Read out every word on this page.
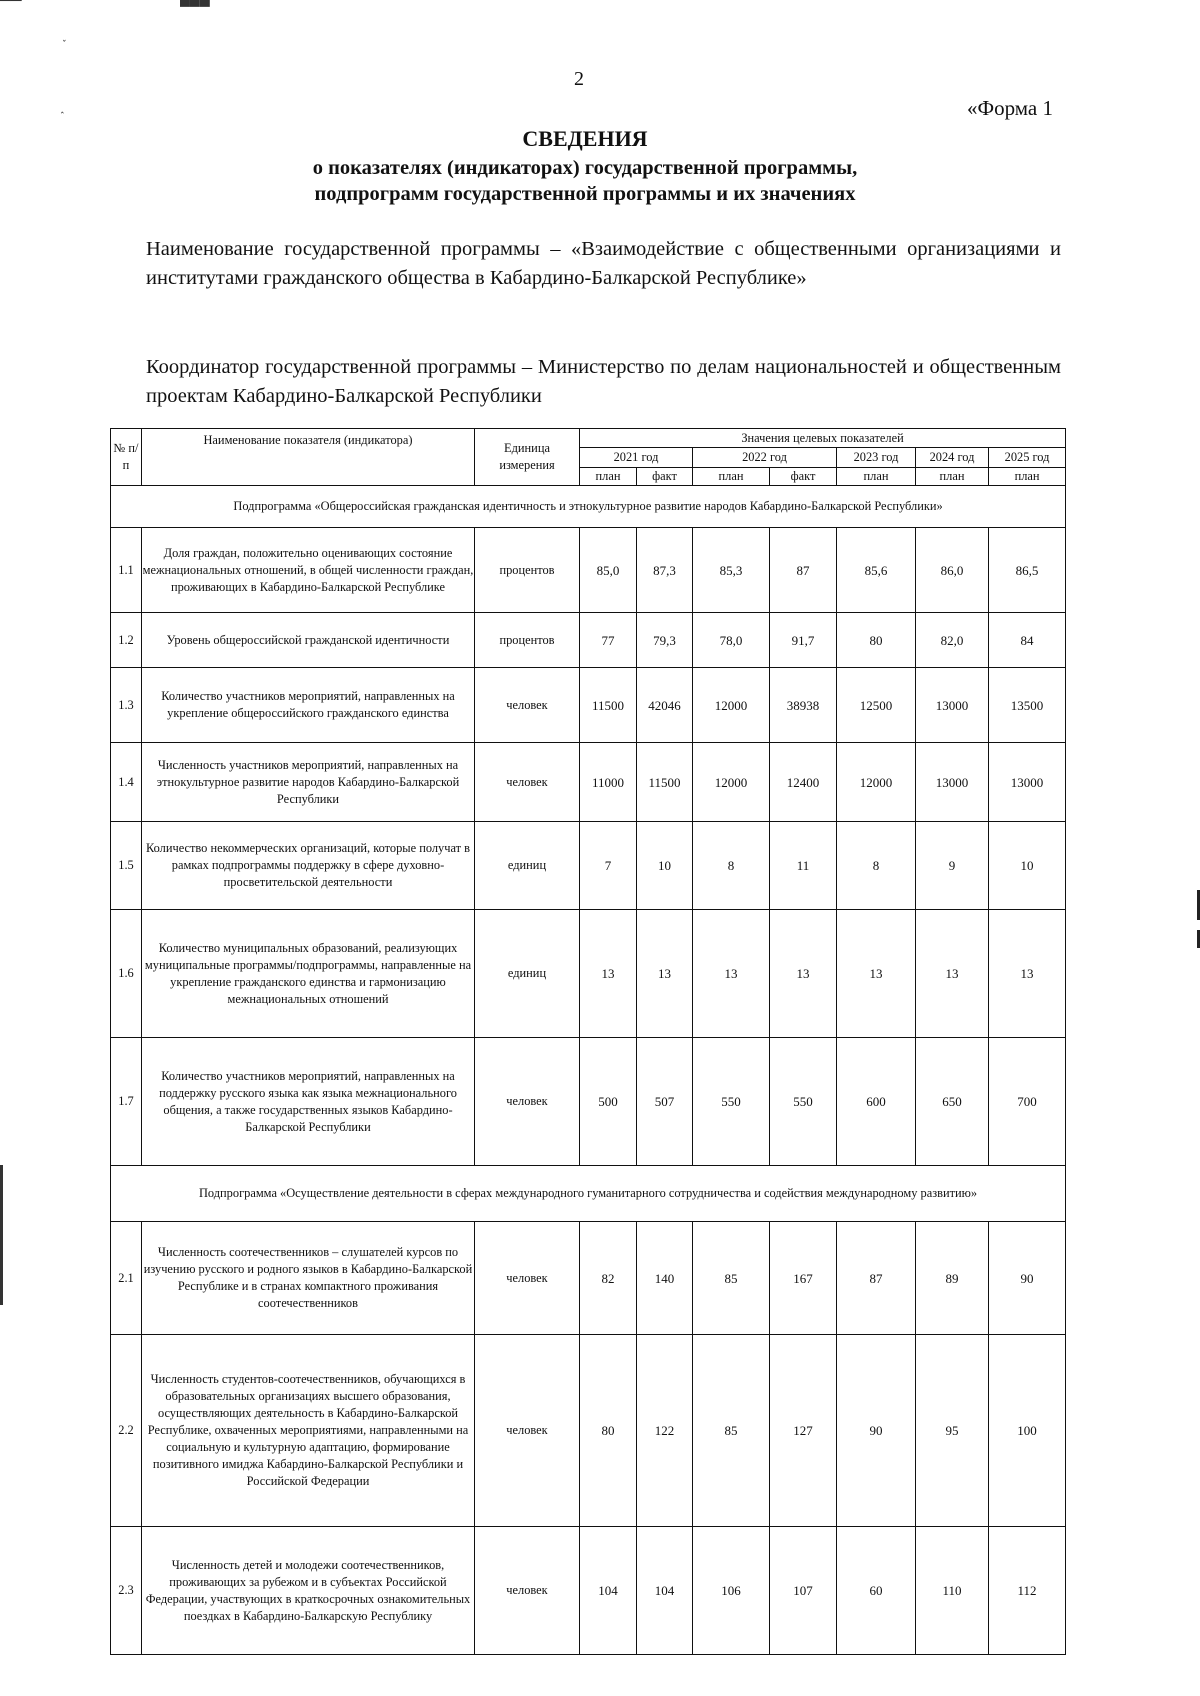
▔▔	▀▀▀
˯
˰
2
«Форма 1
СВЕДЕНИЯ
о показателях (индикаторах) государственной программы,
подпрограмм государственной программы и их значениях
Наименование государственной программы – «Взаимодействие с общественными организациями и институтами гражданского общества в Кабардино-Балкарской Республике»
Координатор государственной программы – Министерство по делам национальностей и общественным проектам Кабардино-Балкарской Республики
№ п/п	Наименование показателя (индикатора)	Единица измерения	Значения целевых показателей						
			2021 год		2022 год		2023 год	2024 год	2025 год
			план	факт	план	факт	план	план	план
Подпрограмма «Общероссийская гражданская идентичность и этнокультурное развитие народов Кабардино-Балкарской Республики»									
1.1	Доля граждан, положительно оценивающих состояние межнациональных отношений, в общей численности граждан, проживающих в Кабардино-Балкарской Республике	процентов	85,0	87,3	85,3	87	85,6	86,0	86,5
1.2	Уровень общероссийской гражданской идентичности	процентов	77	79,3	78,0	91,7	80	82,0	84
1.3	Количество участников мероприятий, направленных на укрепление общероссийского гражданского единства	человек	11500	42046	12000	38938	12500	13000	13500
1.4	Численность участников мероприятий, направленных на этнокультурное развитие народов Кабардино-Балкарской Республики	человек	11000	11500	12000	12400	12000	13000	13000
1.5	Количество некоммерческих организаций, которые получат в рамках подпрограммы поддержку в сфере духовно-просветительской деятельности	единиц	7	10	8	11	8	9	10
1.6	Количество муниципальных образований, реализующих муниципальные программы/подпрограммы, направленные на укрепление гражданского единства и гармонизацию межнациональных отношений	единиц	13	13	13	13	13	13	13
1.7	Количество участников мероприятий, направленных на поддержку русского языка как языка межнационального общения, а также государственных языков Кабардино-Балкарской Республики	человек	500	507	550	550	600	650	700
Подпрограмма «Осуществление деятельности в сферах международного гуманитарного сотрудничества и содействия международному развитию»									
2.1	Численность соотечественников – слушателей курсов по изучению русского и родного языков в Кабардино-Балкарской Республике и в странах компактного проживания соотечественников	человек	82	140	85	167	87	89	90
2.2	Численность студентов-соотечественников, обучающихся в образовательных организациях высшего образования, осуществляющих деятельность в Кабардино-Балкарской Республике, охваченных мероприятиями, направленными на социальную и культурную адаптацию, формирование позитивного имиджа Кабардино-Балкарской Республики и Российской Федерации	человек	80	122	85	127	90	95	100
2.3	Численность детей и молодежи соотечественников, проживающих за рубежом и в субъектах Российской Федерации, участвующих в краткосрочных ознакомительных поездках в Кабардино-Балкарскую Республику	человек	104	104	106	107	60	110	112
